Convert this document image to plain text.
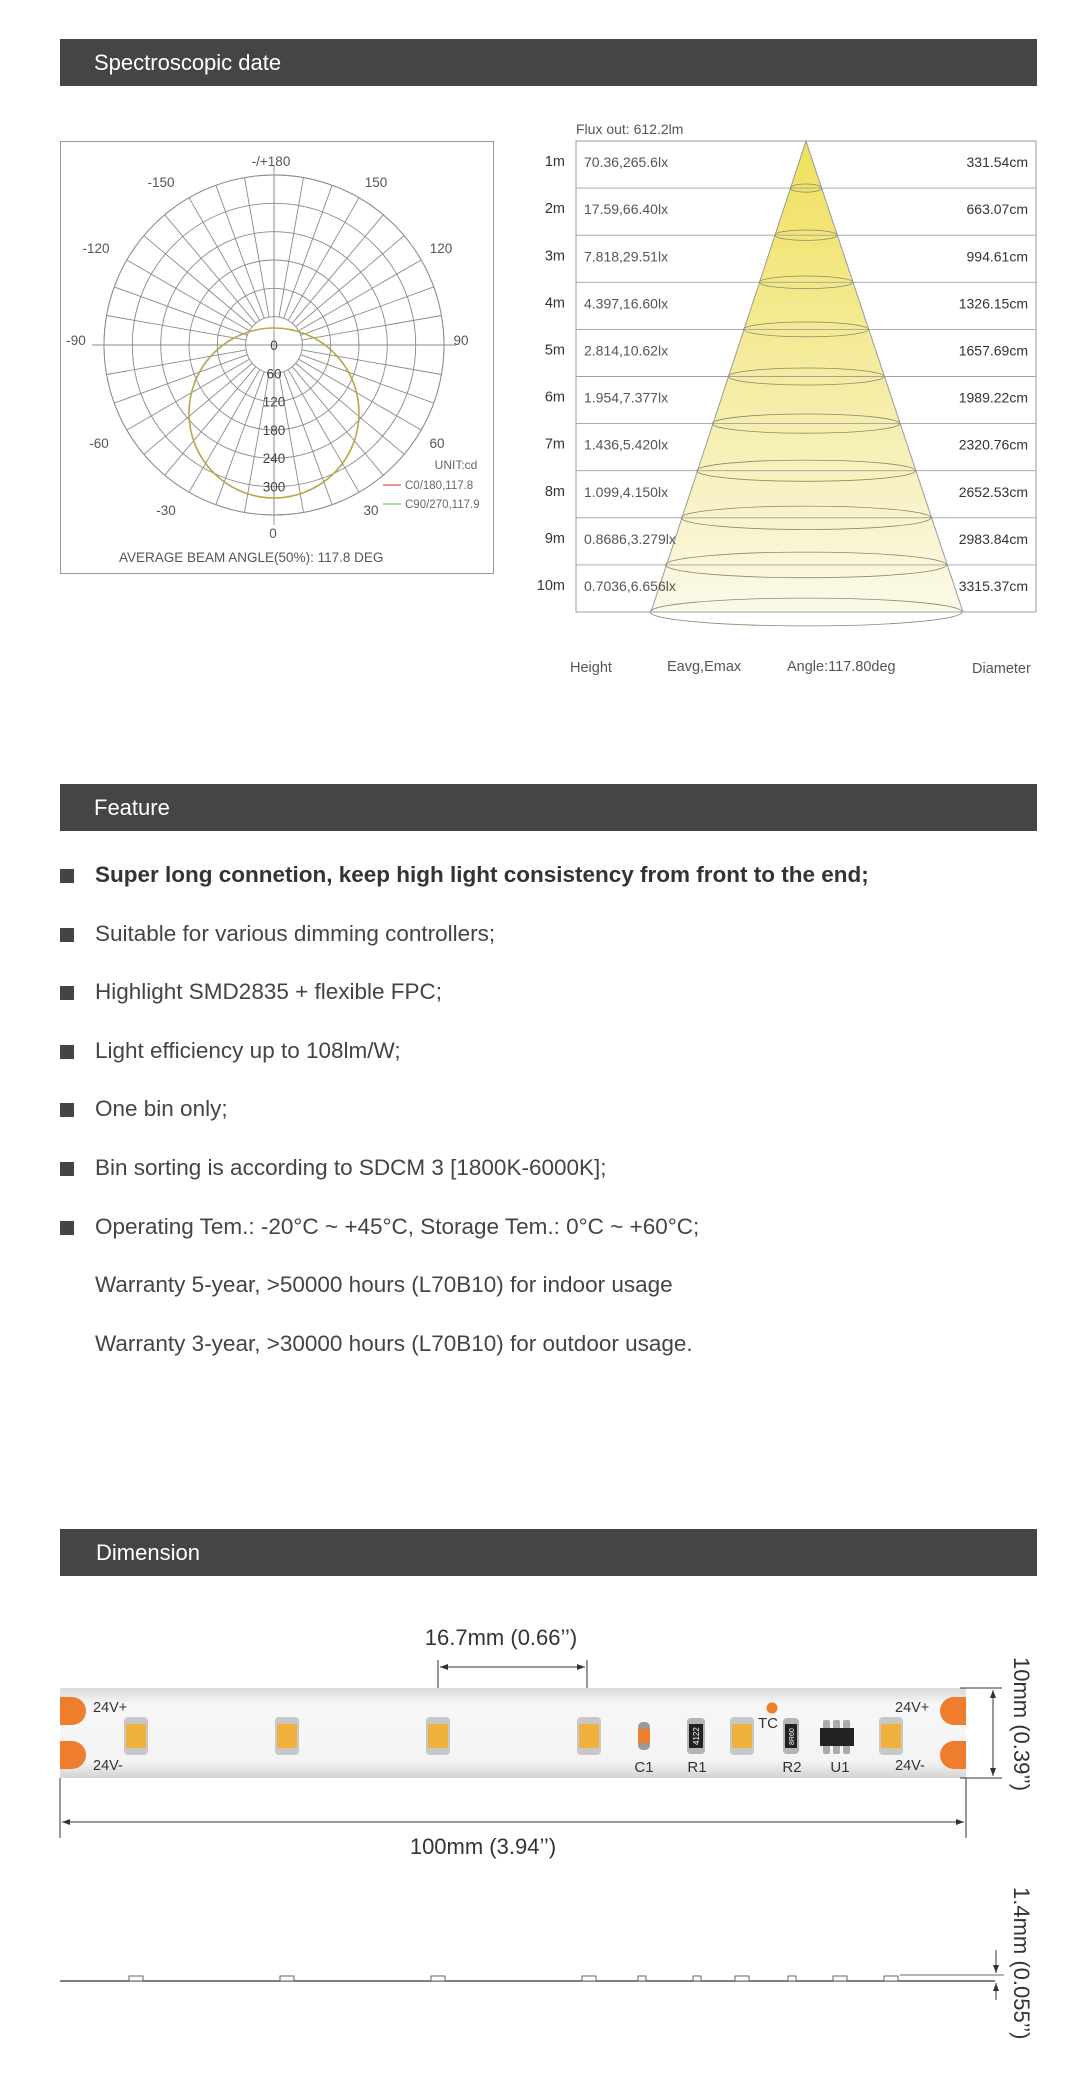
Spectroscopic date
-/+180
-150	150
-120	120
-90	90
-60	60
-30	30
0
0
60
120
180
240
300
UNIT:cd
C0/180,117.8
C90/270,117.9
AVERAGE BEAM ANGLE(50%): 117.8 DEG
Flux out: 612.2lm
1m 70.36,265.6lx	331.54cm
2m 17.59,66.40lx	663.07cm
3m 7.818,29.51lx	994.61cm
4m 4.397,16.60lx	1326.15cm
5m 2.814,10.62lx	1657.69cm
6m 1.954,7.377lx	1989.22cm
7m 1.436,5.420lx	2320.76cm
8m 1.099,4.150lx	2652.53cm
9m 0.8686,3.279lx	2983.84cm
10m 0.7036,6.656lx	3315.37cm
Height	Eavg,Emax	Angle:117.80deg	Diameter
Feature
Super long connetion, keep high light consistency from front to the end;
Suitable for various dimming controllers;
Highlight SMD2835 + flexible FPC;
Light efficiency up to 108lm/W;
One bin only;
Bin sorting is according to SDCM 3 [1800K-6000K];
Operating Tem.: -20°C ~ +45°C, Storage Tem.: 0°C ~ +60°C;
Warranty 5-year, >50000 hours (L70B10) for indoor usage
Warranty 3-year, >30000 hours (L70B10) for outdoor usage.
Dimension
16.7mm (0.66’’)
24V+
24V-
24V+
24V-
4122	8R60
C1 R1	R2 U1
TC	10mm (0.39’’)
100mm (3.94’’)
1.4mm (0.055’’)
